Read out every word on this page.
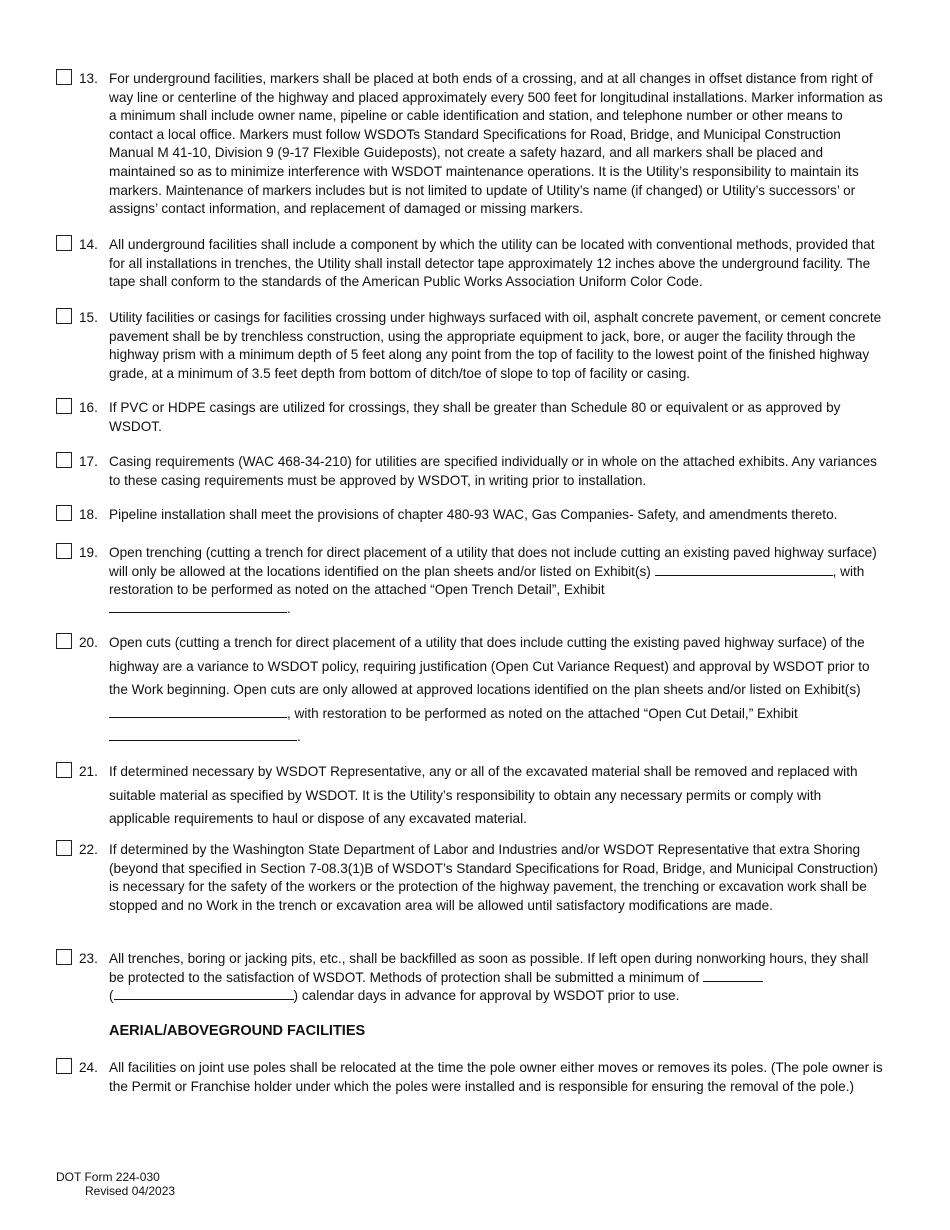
13. For underground facilities, markers shall be placed at both ends of a crossing, and at all changes in offset distance from right of way line or centerline of the highway and placed approximately every 500 feet for longitudinal installations. Marker information as a minimum shall include owner name, pipeline or cable identification and station, and telephone number or other means to contact a local office. Markers must follow WSDOTs Standard Specifications for Road, Bridge, and Municipal Construction Manual M 41-10, Division 9 (9-17 Flexible Guideposts), not create a safety hazard, and all markers shall be placed and maintained so as to minimize interference with WSDOT maintenance operations. It is the Utility’s responsibility to maintain its markers. Maintenance of markers includes but is not limited to update of Utility’s name (if changed) or Utility’s successors’ or assigns’ contact information, and replacement of damaged or missing markers.
14. All underground facilities shall include a component by which the utility can be located with conventional methods, provided that for all installations in trenches, the Utility shall install detector tape approximately 12 inches above the underground facility. The tape shall conform to the standards of the American Public Works Association Uniform Color Code.
15. Utility facilities or casings for facilities crossing under highways surfaced with oil, asphalt concrete pavement, or cement concrete pavement shall be by trenchless construction, using the appropriate equipment to jack, bore, or auger the facility through the highway prism with a minimum depth of 5 feet along any point from the top of facility to the lowest point of the finished highway grade, at a minimum of 3.5 feet depth from bottom of ditch/toe of slope to top of facility or casing.
16. If PVC or HDPE casings are utilized for crossings, they shall be greater than Schedule 80 or equivalent or as approved by WSDOT.
17. Casing requirements (WAC 468-34-210) for utilities are specified individually or in whole on the attached exhibits. Any variances to these casing requirements must be approved by WSDOT, in writing prior to installation.
18. Pipeline installation shall meet the provisions of chapter 480-93 WAC, Gas Companies- Safety, and amendments thereto.
19. Open trenching (cutting a trench for direct placement of a utility that does not include cutting an existing paved highway surface) will only be allowed at the locations identified on the plan sheets and/or listed on Exhibit(s)	, with restoration to be performed as noted on the attached “Open Trench Detail”, Exhibit
.
20. Open cuts (cutting a trench for direct placement of a utility that does include cutting the existing paved highway surface) of the highway are a variance to WSDOT policy, requiring justification (Open Cut Variance Request) and approval by WSDOT prior to the Work beginning. Open cuts are only allowed at approved locations identified on the plan sheets and/or listed on Exhibit(s) , with restoration to be performed as noted on the attached “Open Cut Detail,” Exhibit
.
21. If determined necessary by WSDOT Representative, any or all of the excavated material shall be removed and replaced with suitable material as specified by WSDOT. It is the Utility’s responsibility to obtain any necessary permits or comply with applicable requirements to haul or dispose of any excavated material.
22. If determined by the Washington State Department of Labor and Industries and/or WSDOT Representative that extra Shoring (beyond that specified in Section 7-08.3(1)B of WSDOT’s Standard Specifications for Road, Bridge, and Municipal Construction) is necessary for the safety of the workers or the protection of the highway pavement, the trenching or excavation work shall be stopped and no Work in the trench or excavation area will be allowed until satisfactory modifications are made.
23. All trenches, boring or jacking pits, etc., shall be backfilled as soon as possible. If left open during nonworking hours, they shall be protected to the satisfaction of WSDOT. Methods of protection shall be submitted a minimum of
(	) calendar days in advance for approval by WSDOT prior to use.
AERIAL/ABOVEGROUND FACILITIES
24. All facilities on joint use poles shall be relocated at the time the pole owner either moves or removes its poles. (The pole owner is the Permit or Franchise holder under which the poles were installed and is responsible for ensuring the removal of the pole.)
DOT Form 224-030
Revised 04/2023
